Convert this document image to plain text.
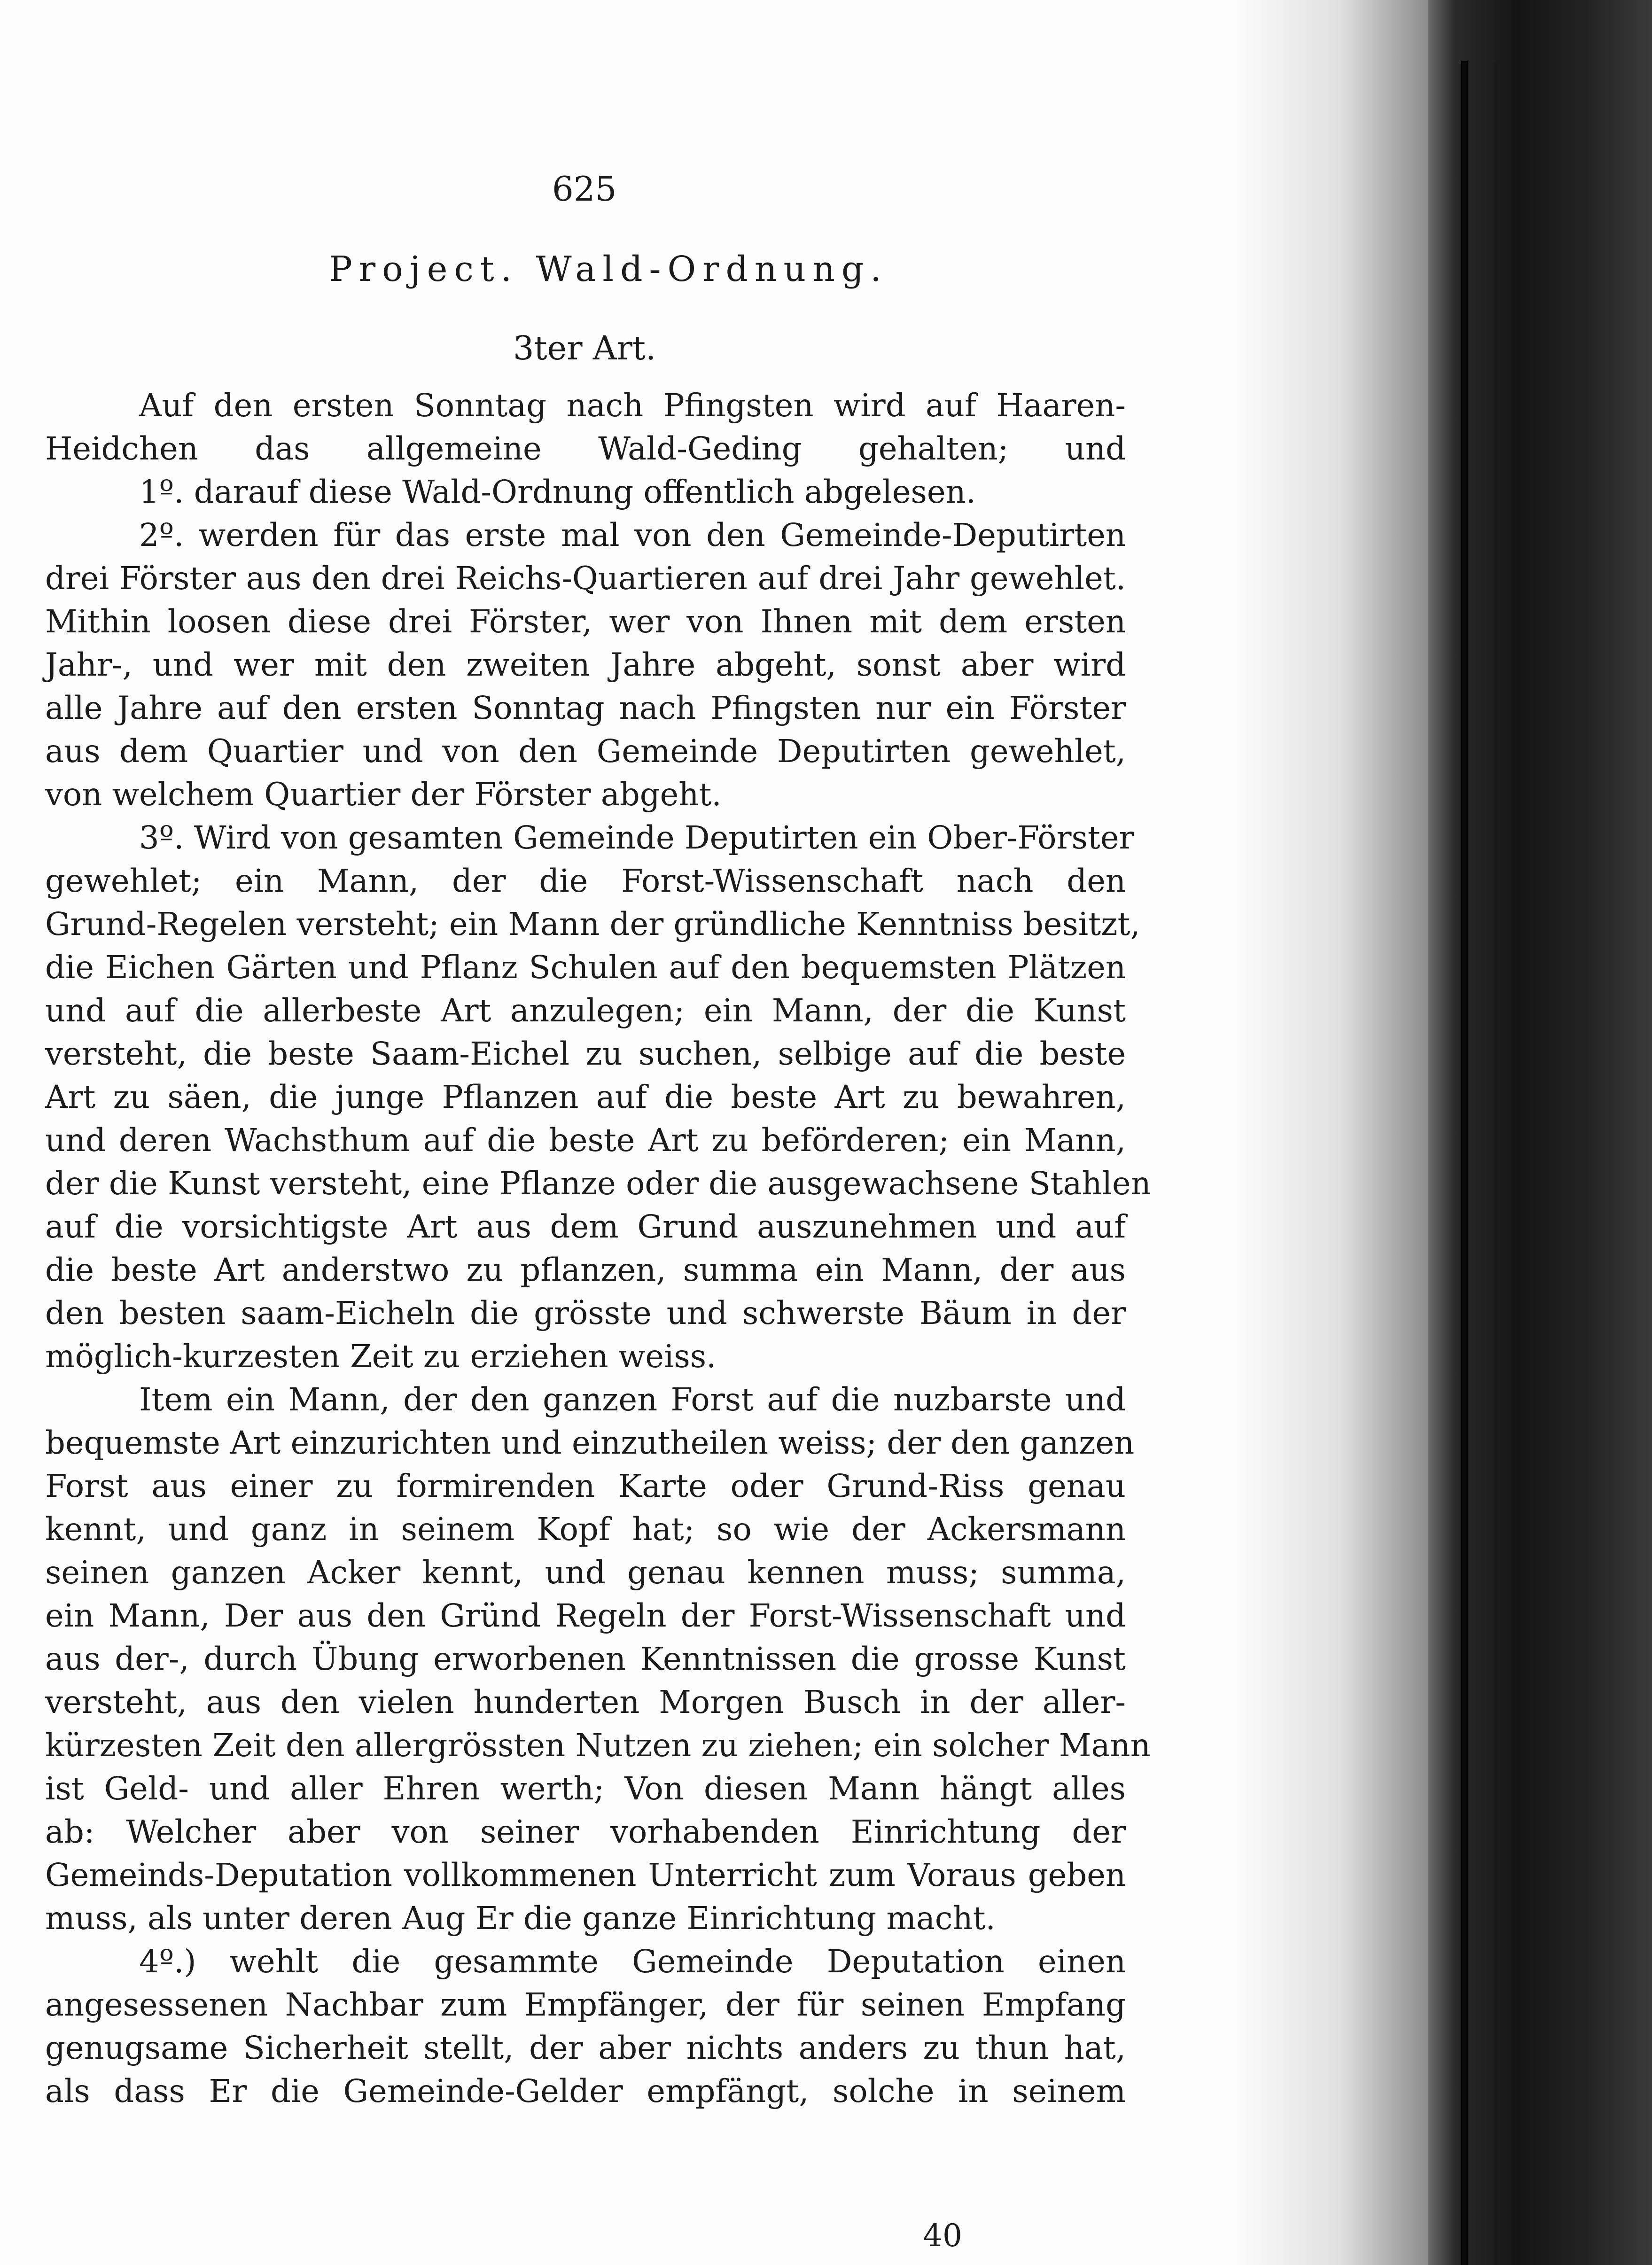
625
Project. Wald-Ordnung.
3ter Art.
Auf den ersten Sonntag nach Pfingsten wird auf Haaren-
Heidchen das allgemeine Wald-Geding gehalten; und
1º. darauf diese Wald-Ordnung offentlich abgelesen.
2º. werden für das erste mal von den Gemeinde-Deputirten
drei Förster aus den drei Reichs-Quartieren auf drei Jahr gewehlet.
Mithin loosen diese drei Förster, wer von Ihnen mit dem ersten
Jahr-, und wer mit den zweiten Jahre abgeht, sonst aber wird
alle Jahre auf den ersten Sonntag nach Pfingsten nur ein Förster
aus dem Quartier und von den Gemeinde Deputirten gewehlet,
von welchem Quartier der Förster abgeht.
3º. Wird von gesamten Gemeinde Deputirten ein Ober-Förster
gewehlet; ein Mann, der die Forst-Wissenschaft nach den
Grund-Regelen versteht; ein Mann der gründliche Kenntniss besitzt,
die Eichen Gärten und Pflanz Schulen auf den bequemsten Plätzen
und auf die allerbeste Art anzulegen; ein Mann, der die Kunst
versteht, die beste Saam-Eichel zu suchen, selbige auf die beste
Art zu säen, die junge Pflanzen auf die beste Art zu bewahren,
und deren Wachsthum auf die beste Art zu beförderen; ein Mann,
der die Kunst versteht, eine Pflanze oder die ausgewachsene Stahlen
auf die vorsichtigste Art aus dem Grund auszunehmen und auf
die beste Art anderstwo zu pflanzen, summa ein Mann, der aus
den besten saam-Eicheln die grösste und schwerste Bäum in der
möglich-kurzesten Zeit zu erziehen weiss.
Item ein Mann, der den ganzen Forst auf die nuzbarste und
bequemste Art einzurichten und einzutheilen weiss; der den ganzen
Forst aus einer zu formirenden Karte oder Grund-Riss genau
kennt, und ganz in seinem Kopf hat; so wie der Ackersmann
seinen ganzen Acker kennt, und genau kennen muss; summa,
ein Mann, Der aus den Gründ Regeln der Forst-Wissenschaft und
aus der-, durch Übung erworbenen Kenntnissen die grosse Kunst
versteht, aus den vielen hunderten Morgen Busch in der aller-
kürzesten Zeit den allergrössten Nutzen zu ziehen; ein solcher Mann
ist Geld- und aller Ehren werth; Von diesen Mann hängt alles
ab: Welcher aber von seiner vorhabenden Einrichtung der
Gemeinds-Deputation vollkommenen Unterricht zum Voraus geben
muss, als unter deren Aug Er die ganze Einrichtung macht.
4º.) wehlt die gesammte Gemeinde Deputation einen
angesessenen Nachbar zum Empfänger, der für seinen Empfang
genugsame Sicherheit stellt, der aber nichts anders zu thun hat,
als dass Er die Gemeinde-Gelder empfängt, solche in seinem
40
